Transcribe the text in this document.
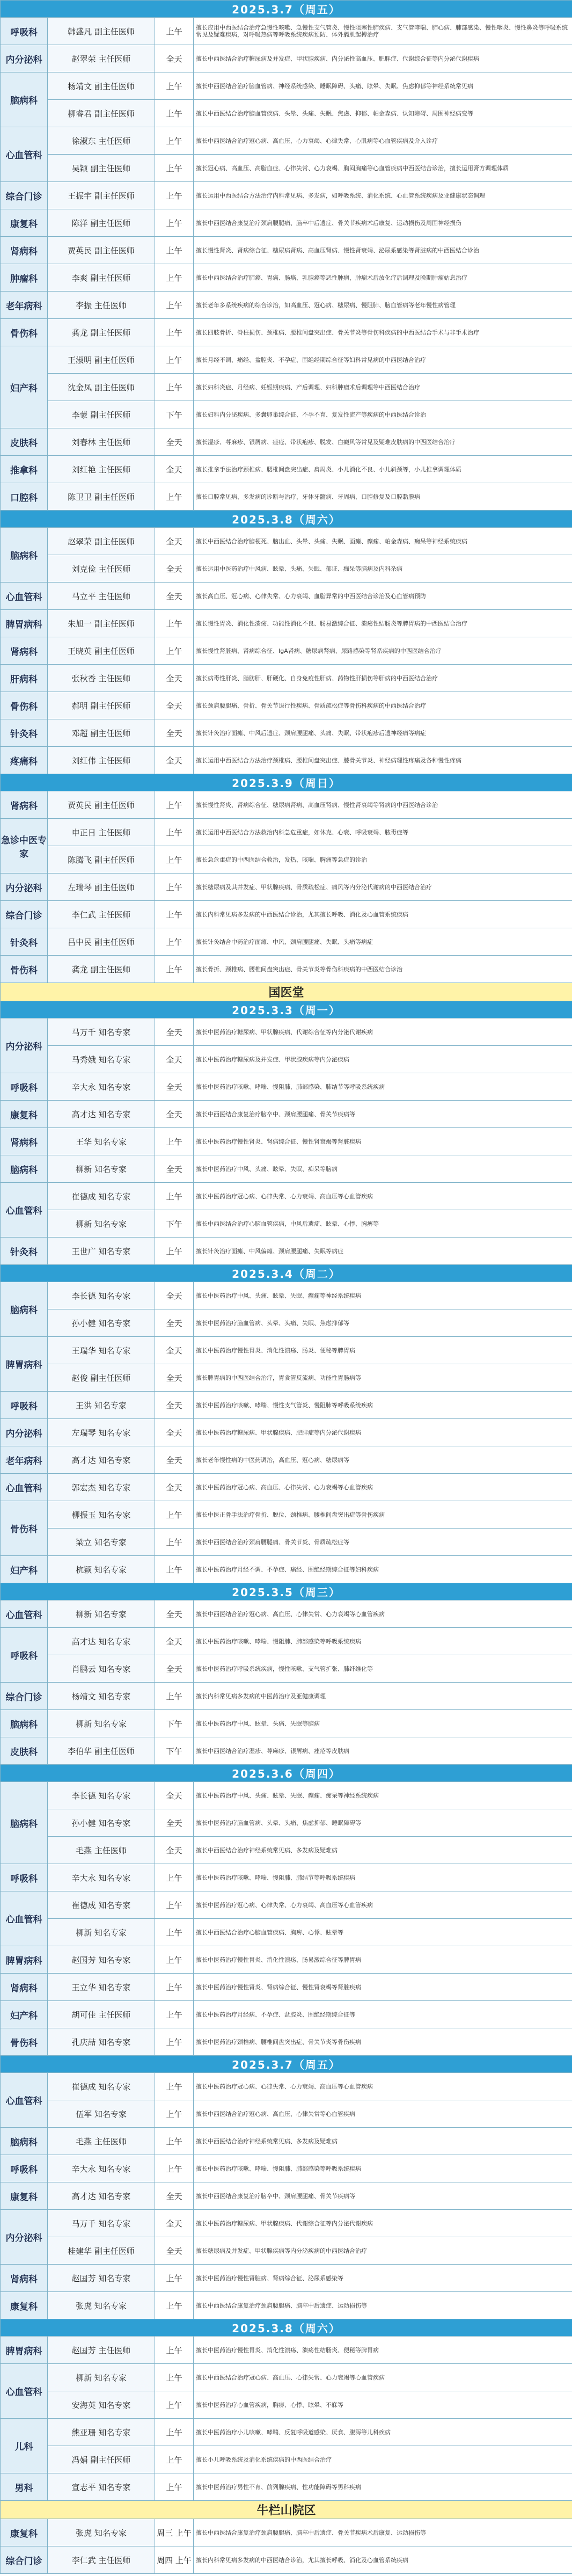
2025.3.7（周五）			
呼吸科	韩盛凡 副主任医师	上午	擅长应用中西医结合治疗急慢性咳嗽、急慢性支气管炎、慢性阻塞性肺疾病、支气管哮喘、肺心病、肺部感染、慢性咽炎、慢性鼻炎等呼吸系统常见及疑难疾病，对呼吸热病等呼吸系统疾病预防、体外膈肌起搏治疗

内分泌科	赵翠荣 主任医师	全天	擅长中西医结合治疗糖尿病及并发症、甲状腺疾病、内分泌性高血压、肥胖症、代谢综合征等内分泌代谢疾病

脑病科	杨靖文 副主任医师	上午	擅长中西医结合治疗脑血管病、神经系统感染、睡眠障碍、头痛、眩晕、失眠、焦虑抑郁等神经系统常见病

	柳睿君 副主任医师	上午	擅长中西医结合治疗脑血管疾病、头晕、头痛、失眠、焦虑、抑郁、帕金森病、认知障碍、周围神经病变等

心血管科	徐淑东 主任医师	上午	擅长中西医结合治疗冠心病、高血压、心力衰竭、心律失常、心肌病等心血管疾病及介入诊疗

	吴颖 副主任医师	上午	擅长冠心病、高血压、高脂血症、心律失常、心力衰竭、胸闷胸痛等心血管疾病中西医结合诊治，擅长运用膏方调理体质

综合门诊	王振宇 副主任医师	上午	擅长运用中西医结合方法治疗内科常见病、多发病，如呼吸系统、消化系统、心血管系统疾病及亚健康状态调理

康复科	陈洋 副主任医师	上午	擅长中西医结合康复治疗颈肩腰腿痛、脑卒中后遗症、骨关节疾病术后康复、运动损伤及周围神经损伤

肾病科	贾英民 副主任医师	上午	擅长慢性肾炎、肾病综合征、糖尿病肾病、高血压肾病、慢性肾衰竭、泌尿系感染等肾脏病的中西医结合诊治

肿瘤科	李爽 副主任医师	上午	擅长中西医结合治疗肺癌、胃癌、肠癌、乳腺癌等恶性肿瘤，肿瘤术后放化疗后调理及晚期肿瘤姑息治疗

老年病科	李振 主任医师	上午	擅长老年多系统疾病的综合诊治，如高血压、冠心病、糖尿病、慢阻肺、脑血管病等老年慢性病管理

骨伤科	龚龙 副主任医师	上午	擅长四肢骨折、脊柱损伤、颈椎病、腰椎间盘突出症、骨关节炎等骨伤科疾病的中西医结合手术与非手术治疗

妇产科	王淑明 副主任医师	上午	擅长月经不调、痛经、盆腔炎、不孕症、围绝经期综合征等妇科常见病的中西医结合治疗

	沈金凤 副主任医师	上午	擅长妇科炎症、月经病、妊娠期疾病、产后调理、妇科肿瘤术后调理等中西医结合治疗

	李蒙 副主任医师	下午	擅长妇科内分泌疾病、多囊卵巢综合征、不孕不育、复发性流产等疾病的中西医结合诊治

皮肤科	刘春林 主任医师	全天	擅长湿疹、荨麻疹、银屑病、痤疮、带状疱疹、脱发、白癜风等常见及疑难皮肤病的中西医结合治疗

推拿科	刘红艳 主任医师	全天	擅长推拿手法治疗颈椎病、腰椎间盘突出症、肩周炎、小儿消化不良、小儿斜颈等，小儿推拿调理体质

口腔科	陈卫卫 副主任医师	上午	擅长口腔常见病、多发病的诊断与治疗，牙体牙髓病、牙周病、口腔修复及口腔黏膜病

2025.3.8（周六）			
脑病科	赵翠荣 副主任医师	全天	擅长中西医结合治疗脑梗死、脑出血、头晕、头痛、失眠、面瘫、癫痫、帕金森病、痴呆等神经系统疾病

	刘克俭 主任医师	全天	擅长运用中医药治疗中风病、眩晕、头痛、失眠、郁证、痴呆等脑病及内科杂病

心血管科	马立平 主任医师	全天	擅长高血压、冠心病、心律失常、心力衰竭、血脂异常的中西医结合诊治及心血管病预防

脾胃病科	朱旭一 副主任医师	上午	擅长慢性胃炎、消化性溃疡、功能性消化不良、肠易激综合征、溃疡性结肠炎等脾胃病的中西医结合治疗

肾病科	王晓英 副主任医师	上午	擅长慢性肾脏病、肾病综合征、IgA肾病、糖尿病肾病、尿路感染等肾系疾病的中西医结合治疗

肝病科	张秋香 主任医师	全天	擅长病毒性肝炎、脂肪肝、肝硬化、自身免疫性肝病、药物性肝损伤等肝病的中西医结合治疗

骨伤科	郝明 副主任医师	全天	擅长颈肩腰腿痛、骨折、骨关节退行性疾病、骨质疏松症等骨伤科疾病的中西医结合治疗

针灸科	邓超 副主任医师	全天	擅长针灸治疗面瘫、中风后遗症、颈肩腰腿痛、头痛、失眠、带状疱疹后遗神经痛等病症

疼痛科	刘红伟 主任医师	全天	擅长运用中西医结合方法治疗颈椎病、腰椎间盘突出症、膝骨关节炎、神经病理性疼痛及各种慢性疼痛

2025.3.9（周日）			
肾病科	贾英民 副主任医师	上午	擅长慢性肾炎、肾病综合征、糖尿病肾病、高血压肾病、慢性肾衰竭等肾病的中西医结合诊治

急诊中医专家	申正日 主任医师	上午	擅长运用中西医结合方法救治内科急危重症，如休克、心衰、呼吸衰竭、脓毒症等

	陈腾飞 副主任医师	上午	擅长急危重症的中西医结合救治，发热、咳喘、胸痛等急症的诊治

内分泌科	左瑞琴 副主任医师	上午	擅长糖尿病及其并发症、甲状腺疾病、骨质疏松症、痛风等内分泌代谢病的中西医结合治疗

综合门诊	李仁武 主任医师	上午	擅长内科常见病多发病的中西医结合诊治，尤其擅长呼吸、消化及心血管系统疾病

针灸科	吕中民 副主任医师	上午	擅长针灸结合中药治疗面瘫、中风、颈肩腰腿痛、失眠、头痛等病症

骨伤科	龚龙 副主任医师	上午	擅长骨折、颈椎病、腰椎间盘突出症、骨关节炎等骨伤科疾病的中西医结合诊治

国医堂			
2025.3.3（周一）			
内分泌科	马万千 知名专家	全天	擅长中医药治疗糖尿病、甲状腺疾病、代谢综合征等内分泌代谢疾病

	马秀娥 知名专家	全天	擅长中医药治疗糖尿病及并发症、甲状腺疾病等内分泌疾病

呼吸科	辛大永 知名专家	全天	擅长中医药治疗咳嗽、哮喘、慢阻肺、肺部感染、肺结节等呼吸系统疾病

康复科	高才达 知名专家	全天	擅长中西医结合康复治疗脑卒中、颈肩腰腿痛、骨关节疾病等

肾病科	王华 知名专家	上午	擅长中医药治疗慢性肾炎、肾病综合征、慢性肾衰竭等肾脏疾病

脑病科	柳新 知名专家	全天	擅长中医药治疗中风、头痛、眩晕、失眠、痴呆等脑病

心血管科	崔德成 知名专家	上午	擅长中医药治疗冠心病、心律失常、心力衰竭、高血压等心血管疾病

	柳新 知名专家	下午	擅长中西医结合治疗心脑血管疾病，中风后遗症、眩晕、心悸、胸痹等

针灸科	王世广 知名专家	上午	擅长针灸治疗面瘫、中风偏瘫、颈肩腰腿痛、失眠等病症

2025.3.4（周二）			
脑病科	李长德 知名专家	全天	擅长中医药治疗中风、头痛、眩晕、失眠、癫痫等神经系统疾病

	孙小健 知名专家	全天	擅长中医药治疗脑血管病、头晕、头痛、失眠、焦虑抑郁等

脾胃病科	王瑞华 知名专家	全天	擅长中医药治疗慢性胃炎、消化性溃疡、肠炎、便秘等脾胃病

	赵俊 副主任医师	全天	擅长脾胃病的中西医结合治疗，胃食管反流病、功能性胃肠病等

呼吸科	王洪 知名专家	全天	擅长中医药治疗咳嗽、哮喘、慢性支气管炎、慢阻肺等呼吸系统疾病

内分泌科	左瑞琴 知名专家	全天	擅长中医药治疗糖尿病、甲状腺疾病、肥胖症等内分泌代谢疾病

老年病科	高才达 知名专家	全天	擅长老年慢性病的中医药调治，高血压、冠心病、糖尿病等

心血管科	郭宏杰 知名专家	全天	擅长中医药治疗冠心病、高血压、心律失常、心力衰竭等心血管疾病

骨伤科	柳振玉 知名专家	上午	擅长中医正骨手法治疗骨折、脱位、颈椎病、腰椎间盘突出症等骨伤疾病

	梁立 知名专家	上午	擅长中西医结合治疗颈肩腰腿痛、骨关节炎、骨质疏松症等

妇产科	杭颖 知名专家	上午	擅长中医药治疗月经不调、不孕症、痛经、围绝经期综合征等妇科疾病

2025.3.5（周三）			
心血管科	柳新 知名专家	全天	擅长中西医结合治疗冠心病、高血压、心律失常、心力衰竭等心血管疾病

呼吸科	高才达 知名专家	全天	擅长中医药治疗咳嗽、哮喘、慢阻肺、肺部感染等呼吸系统疾病

	肖鹏云 知名专家	全天	擅长中医药治疗呼吸系统疾病，慢性咳嗽、支气管扩张、肺纤维化等

综合门诊	杨靖文 知名专家	上午	擅长内科常见病多发病的中医药治疗及亚健康调理

脑病科	柳新 知名专家	下午	擅长中医药治疗中风、眩晕、头痛、失眠等脑病

皮肤科	李伯华 副主任医师	下午	擅长中西医结合治疗湿疹、荨麻疹、银屑病、痤疮等皮肤病

2025.3.6（周四）			
脑病科	李长德 知名专家	全天	擅长中医药治疗中风、头痛、眩晕、失眠、癫痫、痴呆等神经系统疾病

	孙小健 知名专家	全天	擅长中医药治疗脑血管病、头晕、头痛、焦虑抑郁、睡眠障碍等

	毛燕 主任医师	全天	擅长中西医结合治疗神经系统常见病、多发病及疑难病

呼吸科	辛大永 知名专家	上午	擅长中医药治疗咳嗽、哮喘、慢阻肺、肺结节等呼吸系统疾病

心血管科	崔德成 知名专家	上午	擅长中医药治疗冠心病、心律失常、心力衰竭、高血压等心血管疾病

	柳新 知名专家	上午	擅长中西医结合治疗心脑血管疾病、胸痹、心悸、眩晕等

脾胃病科	赵国芳 知名专家	上午	擅长中医药治疗慢性胃炎、消化性溃疡、肠易激综合征等脾胃病

肾病科	王立华 知名专家	上午	擅长中医药治疗慢性肾炎、肾病综合征、慢性肾衰竭等肾脏疾病

妇产科	胡可佳 主任医师	上午	擅长中医药治疗月经病、不孕症、盆腔炎、围绝经期综合征等

骨伤科	孔庆喆 知名专家	上午	擅长中医药治疗颈椎病、腰椎间盘突出症、骨关节炎等骨伤疾病

2025.3.7（周五）			
心血管科	崔德成 知名专家	上午	擅长中医药治疗冠心病、心律失常、心力衰竭、高血压等心血管疾病

	伍军 知名专家	上午	擅长中西医结合治疗冠心病、高血压、心律失常等心血管疾病

脑病科	毛燕 主任医师	上午	擅长中西医结合治疗神经系统常见病、多发病及疑难病

呼吸科	辛大永 知名专家	上午	擅长中医药治疗咳嗽、哮喘、慢阻肺、肺部感染等呼吸系统疾病

康复科	高才达 知名专家	全天	擅长中西医结合康复治疗脑卒中、颈肩腰腿痛、骨关节疾病等

内分泌科	马万千 知名专家	全天	擅长中医药治疗糖尿病、甲状腺疾病、代谢综合征等内分泌代谢疾病

	桂建华 副主任医师	全天	擅长糖尿病及并发症、甲状腺疾病等内分泌疾病的中西医结合治疗

肾病科	赵国芳 知名专家	上午	擅长中医药治疗慢性肾脏病、肾病综合征、泌尿系感染等

康复科	张虎 知名专家	上午	擅长中西医结合康复治疗颈肩腰腿痛、脑卒中后遗症、运动损伤等

2025.3.8（周六）			
脾胃病科	赵国芳 主任医师	上午	擅长中医药治疗慢性胃炎、消化性溃疡、溃疡性结肠炎、便秘等脾胃病

心血管科	柳新 知名专家	上午	擅长中西医结合治疗冠心病、高血压、心律失常、心力衰竭等心血管疾病

	安海英 知名专家	上午	擅长中医药治疗心血管疾病，胸痹、心悸、眩晕、不寐等

儿科	熊亚珊 知名专家	上午	擅长中医药治疗小儿咳嗽、哮喘、反复呼吸道感染、厌食、腹泻等儿科疾病

	冯娟 副主任医师	上午	擅长小儿呼吸系统及消化系统疾病的中西医结合治疗

男科	宣志平 知名专家	上午	擅长中医药治疗男性不育、前列腺疾病、性功能障碍等男科疾病

牛栏山院区			
康复科	张虎 知名专家	周三 上午	擅长中西医结合康复治疗颈肩腰腿痛、脑卒中后遗症、骨关节疾病术后康复、运动损伤等

综合门诊	李仁武 主任医师	周四 上午	擅长内科常见病多发病的中西医结合诊治，尤其擅长呼吸、消化及心血管系统疾病
